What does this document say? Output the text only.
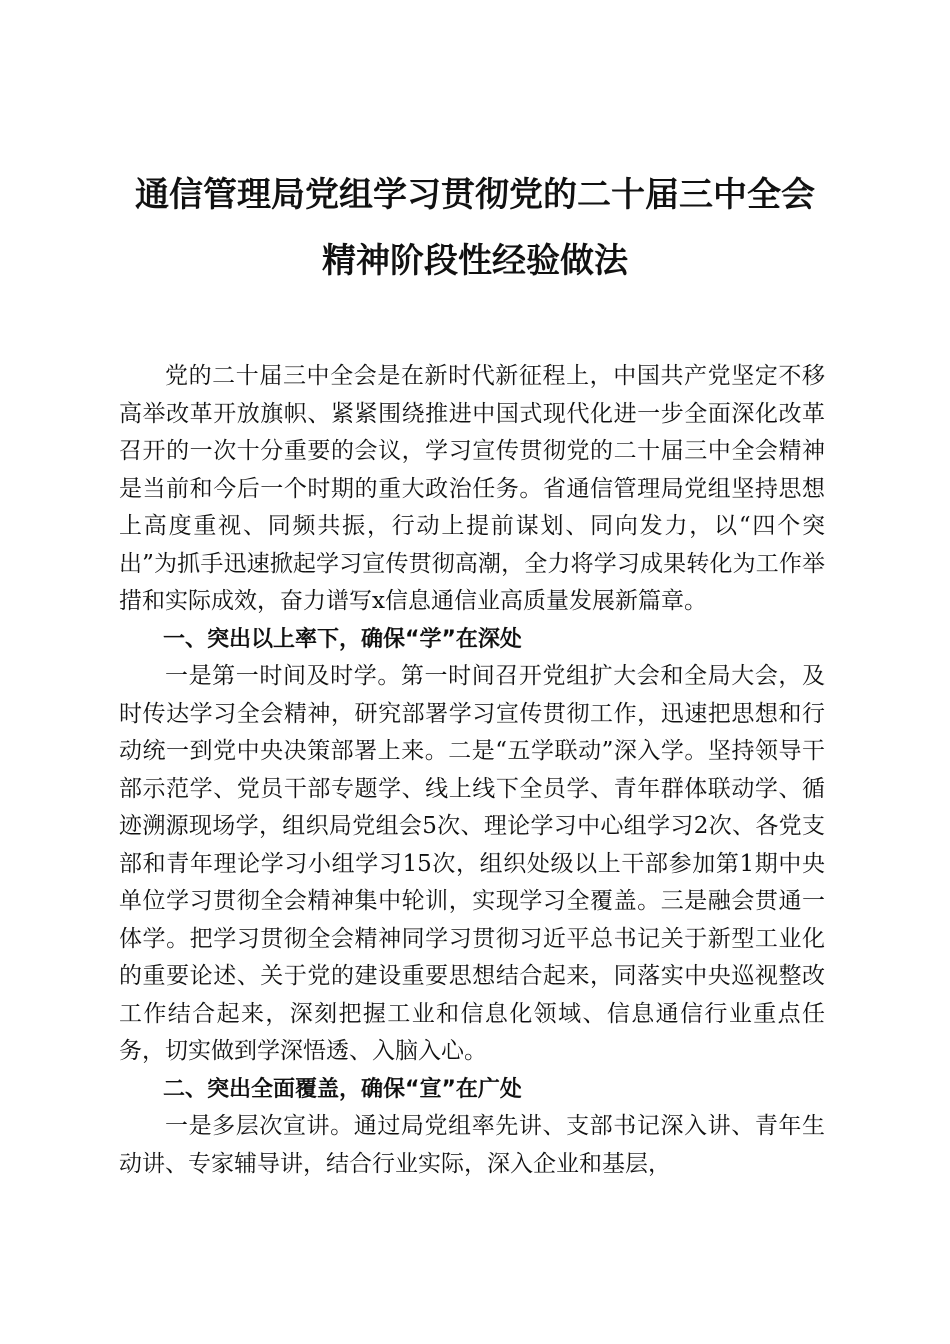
通信管理局党组学习贯彻党的二十届三中全会
精神阶段性经验做法

党的二十届三中全会是在新时代新征程上，中国共产党坚定不移高举改革开放旗帜、紧紧围绕推进中国式现代化进一步全面深化改革召开的一次十分重要的会议，学习宣传贯彻党的二十届三中全会精神是当前和今后一个时期的重大政治任务。省通信管理局党组坚持思想上高度重视、同频共振，行动上提前谋划、同向发力，以“四个突出”为抓手迅速掀起学习宣传贯彻高潮，全力将学习成果转化为工作举措和实际成效，奋力谱写x信息通信业高质量发展新篇章。

一、突出以上率下，确保“学”在深处

一是第一时间及时学。第一时间召开党组扩大会和全局大会，及时传达学习全会精神，研究部署学习宣传贯彻工作，迅速把思想和行动统一到党中央决策部署上来。二是“五学联动”深入学。坚持领导干部示范学、党员干部专题学、线上线下全员学、青年群体联动学、循迹溯源现场学，组织局党组会5次、理论学习中心组学习2次、各党支部和青年理论学习小组学习15次，组织处级以上干部参加第1期中央单位学习贯彻全会精神集中轮训，实现学习全覆盖。三是融会贯通一体学。把学习贯彻全会精神同学习贯彻习近平总书记关于新型工业化的重要论述、关于党的建设重要思想结合起来，同落实中央巡视整改工作结合起来，深刻把握工业和信息化领域、信息通信行业重点任务，切实做到学深悟透、入脑入心。

二、突出全面覆盖，确保“宣”在广处

一是多层次宣讲。通过局党组率先讲、支部书记深入讲、青年生动讲、专家辅导讲，结合行业实际，深入企业和基层，
